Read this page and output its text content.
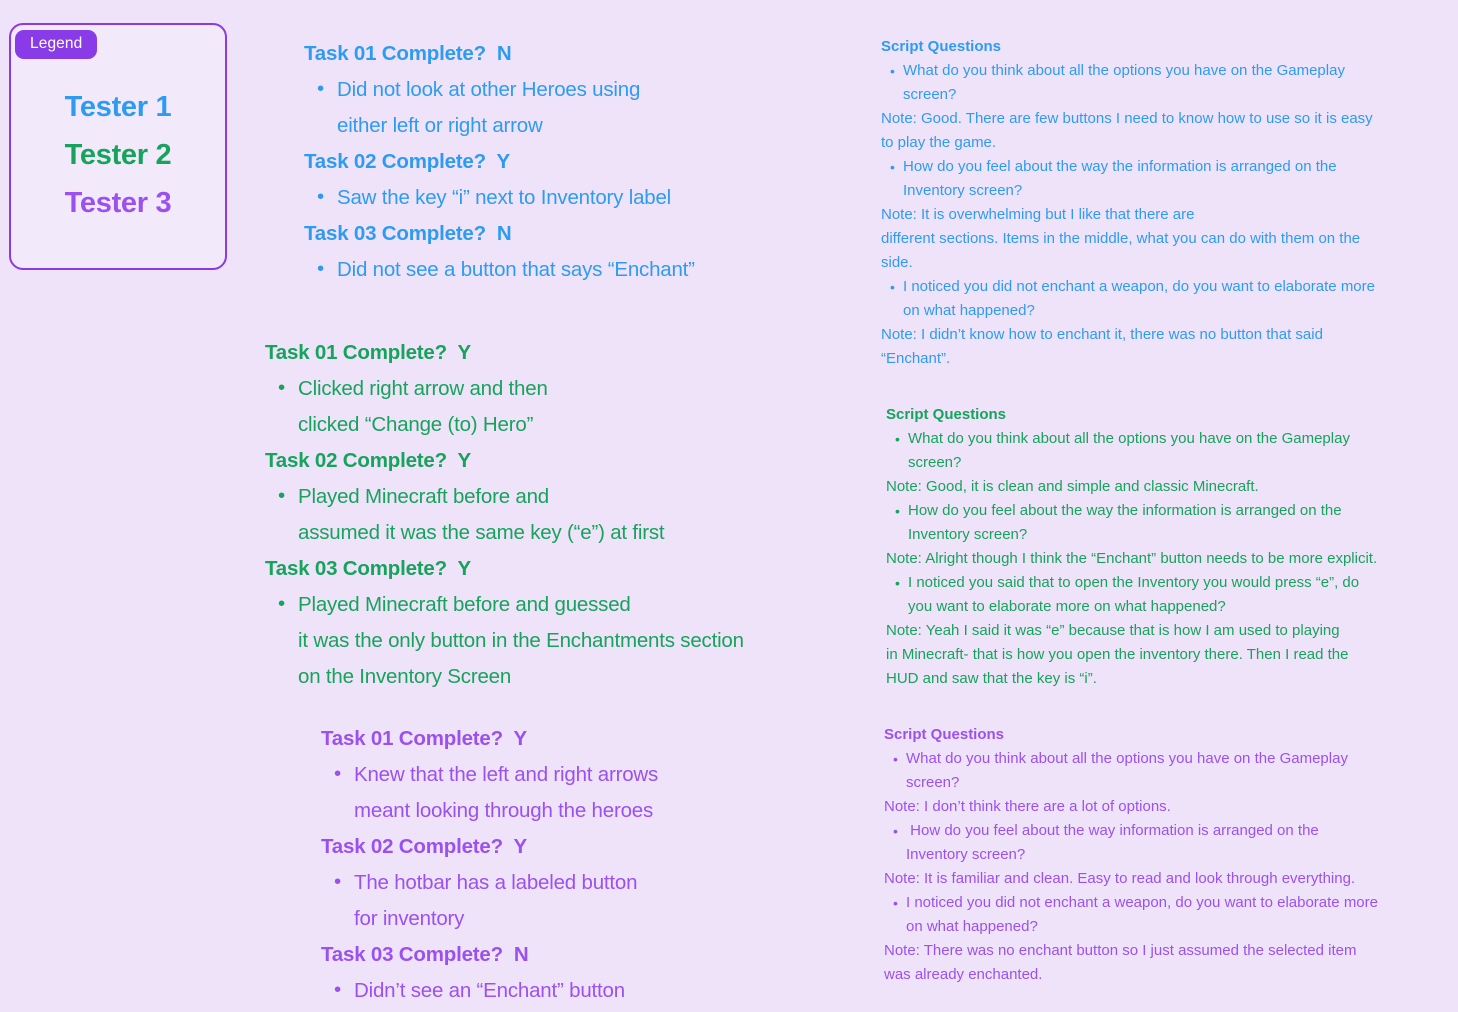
Legend
Tester 1
Tester 2
Tester 3
Task 01 Complete?  N
• Did not look at other Heroes using
either left or right arrow
Task 02 Complete?  Y
• Saw the key “i” next to Inventory label
Task 03 Complete?  N
• Did not see a button that says “Enchant”
Task 01 Complete?  Y
• Clicked right arrow and then
clicked “Change (to) Hero”
Task 02 Complete?  Y
• Played Minecraft before and
assumed it was the same key (“e”) at first
Task 03 Complete?  Y
• Played Minecraft before and guessed
it was the only button in the Enchantments section
on the Inventory Screen
Task 01 Complete?  Y
• Knew that the left and right arrows
meant looking through the heroes
Task 02 Complete?  Y
• The hotbar has a labeled button
for inventory
Task 03 Complete?  N
• Didn’t see an “Enchant” button
Script Questions
• What do you think about all the options you have on the Gameplay
screen?
Note: Good. There are few buttons I need to know how to use so it is easy
to play the game.
• How do you feel about the way the information is arranged on the
Inventory screen?
Note: It is overwhelming but I like that there are
different sections. Items in the middle, what you can do with them on the
side.
• I noticed you did not enchant a weapon, do you want to elaborate more
on what happened?
Note: I didn’t know how to enchant it, there was no button that said
“Enchant”.
Script Questions
• What do you think about all the options you have on the Gameplay
screen?
Note: Good, it is clean and simple and classic Minecraft.
• How do you feel about the way the information is arranged on the
Inventory screen?
Note: Alright though I think the “Enchant” button needs to be more explicit.
• I noticed you said that to open the Inventory you would press “e”, do
you want to elaborate more on what happened?
Note: Yeah I said it was “e” because that is how I am used to playing
in Minecraft- that is how you open the inventory there. Then I read the
HUD and saw that the key is “i”.
Script Questions
• What do you think about all the options you have on the Gameplay
screen?
Note: I don’t think there are a lot of options.
• How do you feel about the way information is arranged on the
Inventory screen?
Note: It is familiar and clean. Easy to read and look through everything.
• I noticed you did not enchant a weapon, do you want to elaborate more
on what happened?
Note: There was no enchant button so I just assumed the selected item
was already enchanted.
